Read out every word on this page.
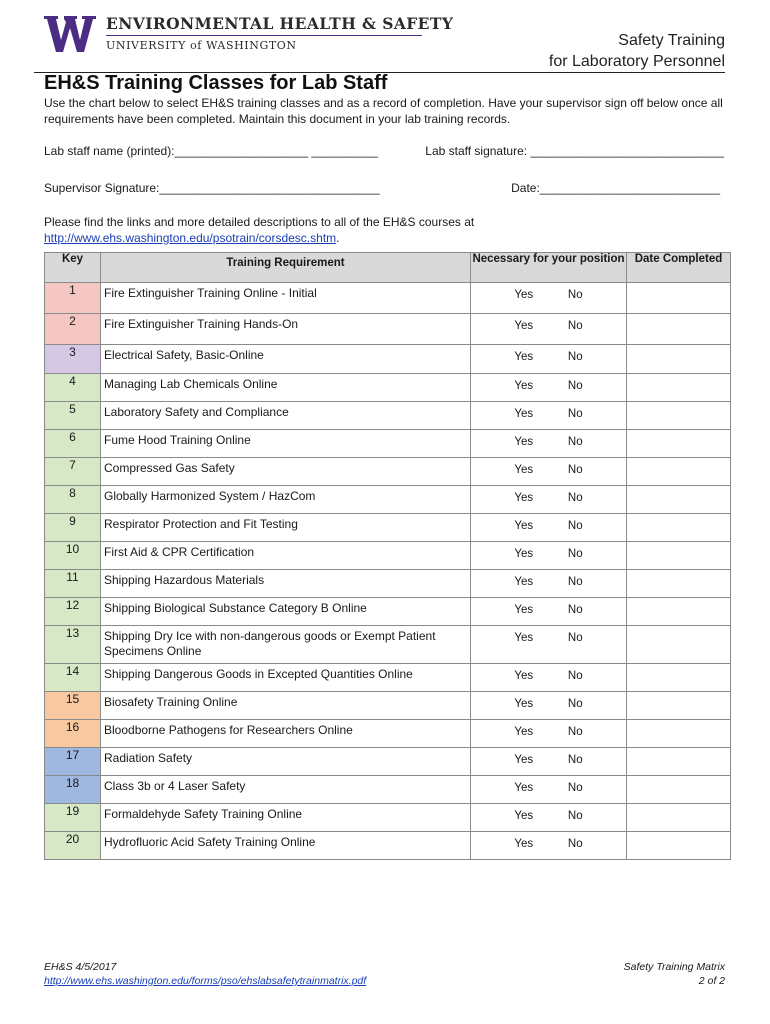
ENVIRONMENTAL HEALTH & SAFETY
UNIVERSITY of WASHINGTON	Safety Training
for Laboratory Personnel
EH&S Training Classes for Lab Staff
Use the chart below to select EH&S training classes and as a record of completion. Have your supervisor sign off below once all requirements have been completed. Maintain this document in your lab training records.
Lab staff name (printed):____________________ __________	Lab staff signature: _____________________________
Supervisor Signature:_________________________________	Date:___________________________
Please find the links and more detailed descriptions to all of the EH&S courses at
http://www.ehs.washington.edu/psotrain/corsdesc.shtm.
Key	Training Requirement	Necessary for your position	Date Completed
1	Fire Extinguisher Training Online - Initial	Yes No	

2	Fire Extinguisher Training Hands-On	Yes No	

3	Electrical Safety, Basic-Online	Yes No	

4	Managing Lab Chemicals Online	Yes No	

5	Laboratory Safety and Compliance	Yes No	

6	Fume Hood Training Online	Yes No	

7	Compressed Gas Safety	Yes No	

8	Globally Harmonized System / HazCom	Yes No	

9	Respirator Protection and Fit Testing	Yes No	

10	First Aid & CPR Certification	Yes No	

11	Shipping Hazardous Materials	Yes No	

12	Shipping Biological Substance Category B Online	Yes No	

13	Shipping Dry Ice with non-dangerous goods or Exempt Patient Specimens Online	Yes No	

14	Shipping Dangerous Goods in Excepted Quantities Online	Yes No	

15	Biosafety Training Online	Yes No	

16	Bloodborne Pathogens for Researchers Online	Yes No	

17	Radiation Safety	Yes No	

18	Class 3b or 4 Laser Safety	Yes No	

19	Formaldehyde Safety Training Online	Yes No	

20	Hydrofluoric Acid Safety Training Online	Yes No	

EH&S 4/5/2017
http://www.ehs.washington.edu/forms/pso/ehslabsafetytrainmatrix.pdf
Safety Training Matrix
2 of 2
